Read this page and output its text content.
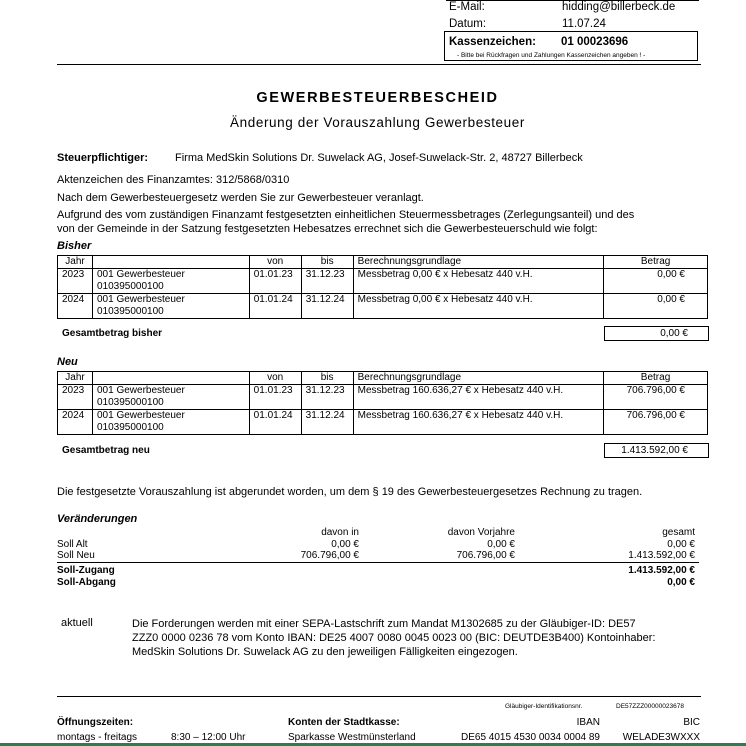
E-Mail:	hidding@billerbeck.de
Datum:	11.07.24
Kassenzeichen: 01 00023696
- Bitte bei Rückfragen und Zahlungen Kassenzeichen angeben ! -
GEWERBESTEUERBESCHEID
Änderung der Vorauszahlung Gewerbesteuer
Steuerpflichtiger: Firma MedSkin Solutions Dr. Suwelack AG, Josef-Suwelack-Str. 2, 48727 Billerbeck
Aktenzeichen des Finanzamtes: 312/5868/0310
Nach dem Gewerbesteuergesetz werden Sie zur Gewerbesteuer veranlagt.
Aufgrund des vom zuständigen Finanzamt festgesetzten einheitlichen Steuermessbetrages (Zerlegungsanteil) und des
von der Gemeinde in der Satzung festgesetzten Hebesatzes errechnet sich die Gewerbesteuerschuld wie folgt:
Bisher
Jahr		von	bis	Berechnungsgrundlage	Betrag
2023	001 Gewerbesteuer
010395000100	01.01.23	31.12.23	Messbetrag 0,00 € x Hebesatz 440 v.H.	0,00 €
2024	001 Gewerbesteuer
010395000100	01.01.24	31.12.24	Messbetrag 0,00 € x Hebesatz 440 v.H.	0,00 €
Gesamtbetrag bisher	0,00 €
Neu
Jahr		von	bis	Berechnungsgrundlage	Betrag
2023	001 Gewerbesteuer
010395000100	01.01.23	31.12.23	Messbetrag 160.636,27 € x Hebesatz 440 v.H.	706.796,00 €
2024	001 Gewerbesteuer
010395000100	01.01.24	31.12.24	Messbetrag 160.636,27 € x Hebesatz 440 v.H.	706.796,00 €
Gesamtbetrag neu	1.413.592,00 €
Die festgesetzte Vorauszahlung ist abgerundet worden, um dem § 19 des Gewerbesteuergesetzes Rechnung zu tragen.
Veränderungen
davon in	davon Vorjahre	gesamt
Soll Alt	0,00 €	0,00 €	0,00 €
Soll Neu	706.796,00 €	706.796,00 €	1.413.592,00 €
Soll-Zugang	1.413.592,00 €
Soll-Abgang	0,00 €
aktuell	Die Forderungen werden mit einer SEPA-Lastschrift zum Mandat M1302685 zu der Gläubiger-ID: DE57
ZZZ0 0000 0236 78 vom Konto IBAN: DE25 4007 0080 0045 0023 00 (BIC: DEUTDE3B400) Kontoinhaber:
MedSkin Solutions Dr. Suwelack AG zu den jeweiligen Fälligkeiten eingezogen.
Gläubiger-Identifikationsnr.	DE57ZZZ00000023678
Öffnungszeiten:	Konten der Stadtkasse:	IBAN	BIC
montags - freitags	8:30 – 12:00 Uhr	Sparkasse Westmünsterland	DE65 4015 4530 0034 0004 89 WELADE3WXXX
